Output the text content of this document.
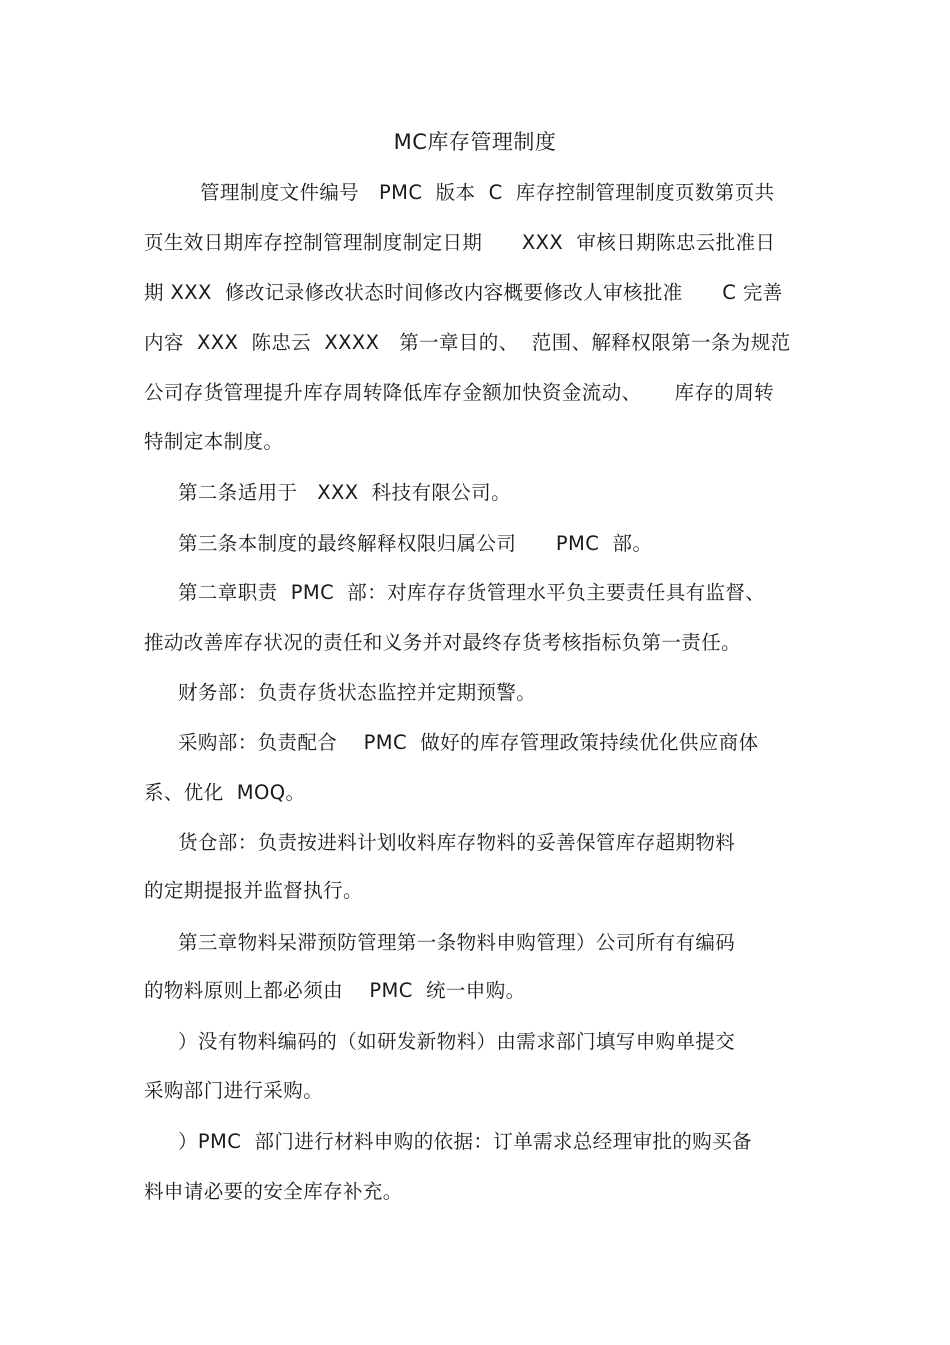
MC库存管理制度
管理制度文件编号   PMC  版本  C  库存控制管理制度页数第页共
页生效日期库存控制管理制度制定日期      XXX  审核日期陈忠云批准日
期 XXX  修改记录修改状态时间修改内容概要修改人审核批准      C 完善
内容  XXX  陈忠云  XXXX   第一章目的、  范围、解释权限第一条为规范
公司存货管理提升库存周转降低库存金额加快资金流动、     库存的周转
特制定本制度。
第二条适用于   XXX  科技有限公司。
第三条本制度的最终解释权限归属公司      PMC  部。
第二章职责  PMC  部：对库存存货管理水平负主要责任具有监督、
推动改善库存状况的责任和义务并对最终存货考核指标负第一责任。
财务部：负责存货状态监控并定期预警。
采购部：负责配合    PMC  做好的库存管理政策持续优化供应商体
系、优化  MOQ。
货仓部：负责按进料计划收料库存物料的妥善保管库存超期物料
的定期提报并监督执行。
第三章物料呆滞预防管理第一条物料申购管理）公司所有有编码
的物料原则上都必须由    PMC  统一申购。
）没有物料编码的（如研发新物料）由需求部门填写申购单提交
采购部门进行采购。
）PMC  部门进行材料申购的依据：订单需求总经理审批的购买备
料申请必要的安全库存补充。
